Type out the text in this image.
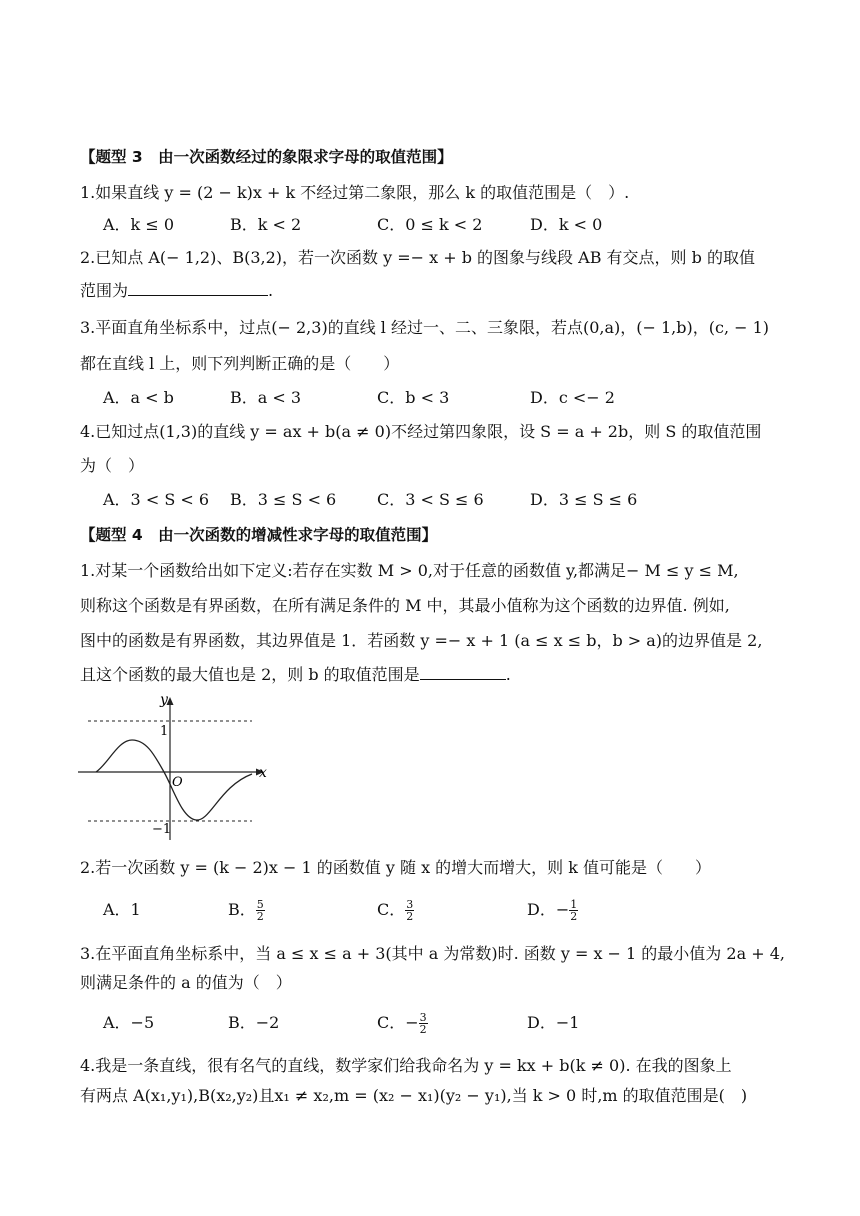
【题型 3　由一次函数经过的象限求字母的取值范围】
1.如果直线 y = (2 − k)x + k 不经过第二象限，那么 k 的取值范围是（　）.
A．k ≤ 0	B．k < 2	C．0 ≤ k < 2	D．k < 0
2.已知点 A(− 1,2)、B(3,2)，若一次函数 y =− x + b 的图象与线段 AB 有交点，则 b 的取值
范围为	.
3.平面直角坐标系中，过点(− 2,3)的直线 l 经过一、二、三象限，若点(0,a)，(− 1,b)，(c, − 1)
都在直线 l 上，则下列判断正确的是（　　）
A．a < b	B．a < 3	C．b < 3	D．c <− 2
4.已知过点(1,3)的直线 y = ax + b(a ≠ 0)不经过第四象限，设 S = a + 2b，则 S 的取值范围
为（　）
A．3 < S < 6 B．3 ≤ S < 6	C．3 < S ≤ 6	D．3 ≤ S ≤ 6
【题型 4　由一次函数的增减性求字母的取值范围】
1.对某一个函数给出如下定义:若存在实数 M > 0,对于任意的函数值 y,都满足− M ≤ y ≤ M,
则称这个函数是有界函数，在所有满足条件的 M 中，其最小值称为这个函数的边界值. 例如,
图中的函数是有界函数，其边界值是 1．若函数 y =− x + 1 (a ≤ x ≤ b，b > a)的边界值是 2,
且这个函数的最大值也是 2，则 b 的取值范围是	.
y
x
O
1
−1
2.若一次函数 y = (k − 2)x − 1 的函数值 y 随 x 的增大而增大，则 k 值可能是（　　）
A．1	B． $\frac{5}{2}$	C． $\frac{3}{2}$	D．− $\frac{1}{2}$
3.在平面直角坐标系中，当 a ≤ x ≤ a + 3(其中 a 为常数)时. 函数 y = x − 1 的最小值为 2a + 4,
则满足条件的 a 的值为（　）
A．−5	B．−2	C．− $\frac{3}{2}$	D．−1
4.我是一条直线，很有名气的直线，数学家们给我命名为 y = kx + b(k ≠ 0). 在我的图象上
有两点 A(x₁,y₁),B(x₂,y₂)且x₁ ≠ x₂,m = (x₂ − x₁)(y₂ − y₁),当 k > 0 时,m 的取值范围是(　)
